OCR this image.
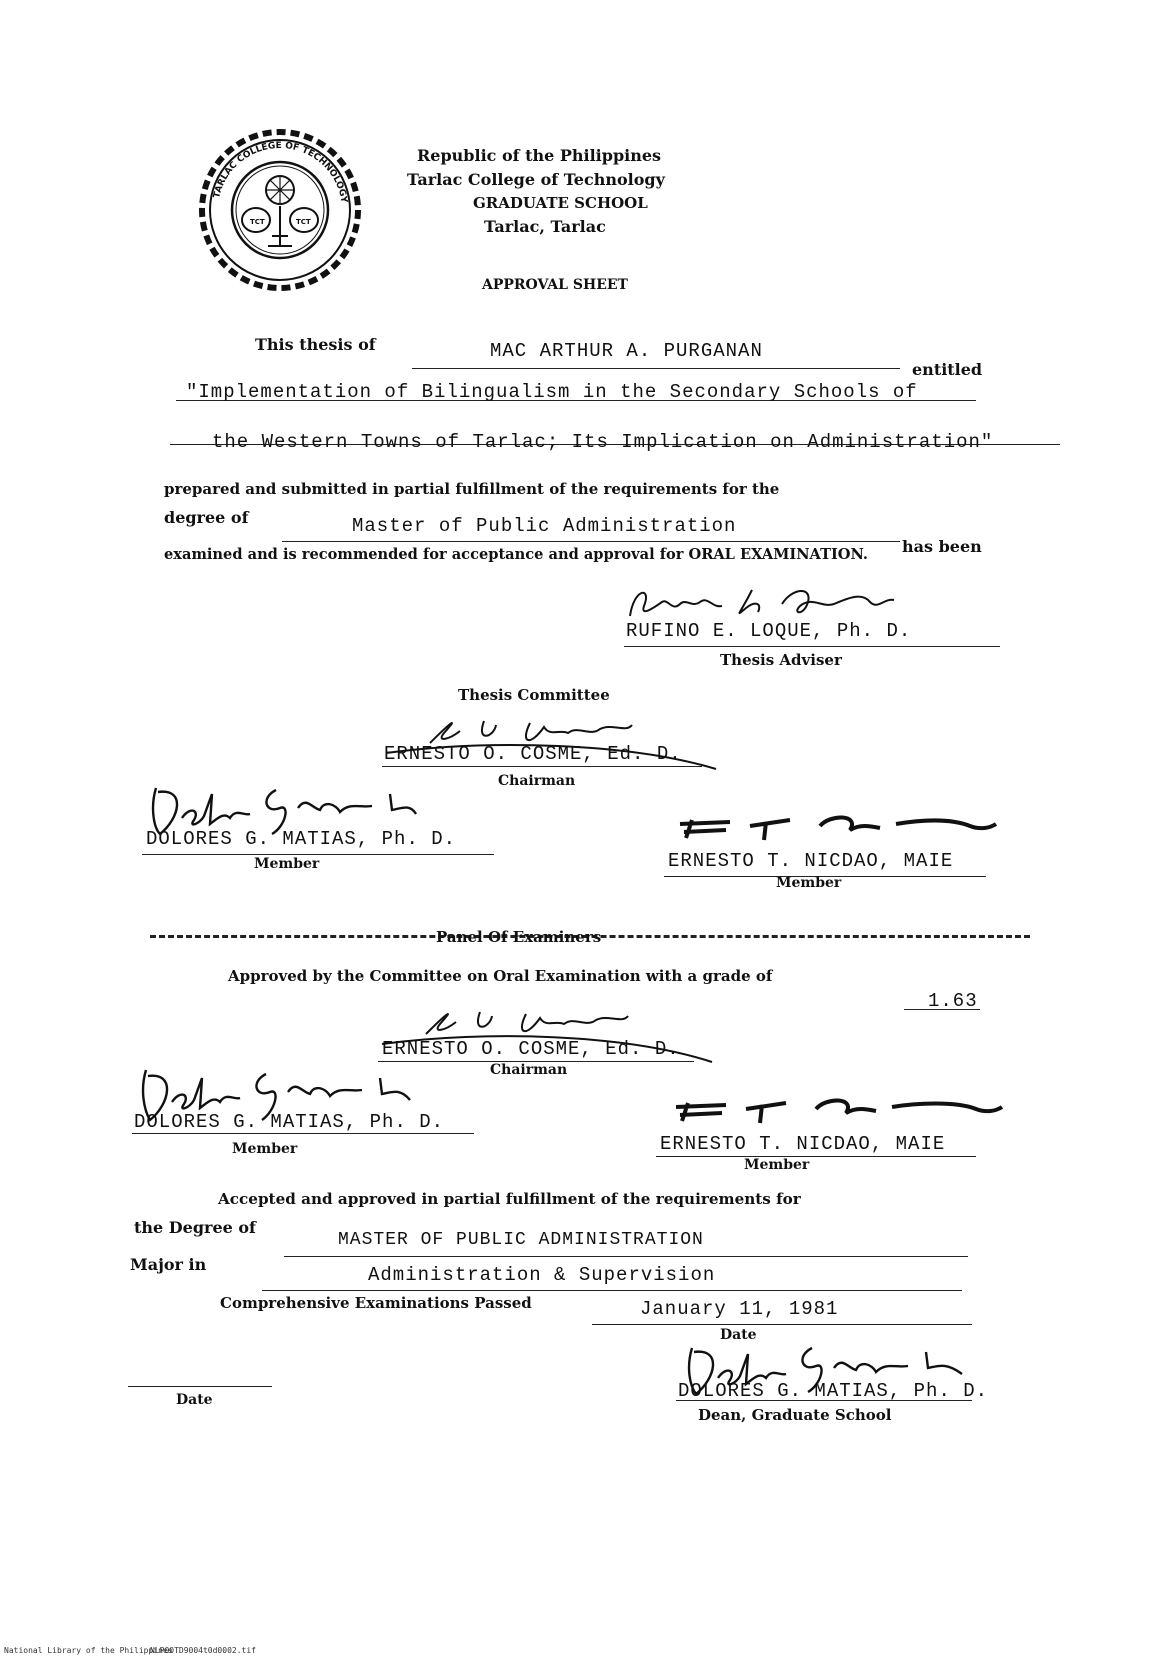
TARLAC COLLEGE OF TECHNOLOGY
TCT	TCT
Republic of the Philippines
Tarlac College of Technology
GRADUATE SCHOOL
Tarlac, Tarlac
APPROVAL SHEET
This thesis of	MAC ARTHUR A. PURGANAN
entitled
"Implementation of Bilingualism in the Secondary Schools of
the Western Towns of Tarlac; Its Implication on Administration"
prepared and submitted in partial fulfillment of the requirements for the
degree of	Master of Public Administration
has been
examined and is recommended for acceptance and approval for ORAL EXAMINATION.
RUFINO E. LOQUE, Ph. D.
Thesis Adviser
Thesis Committee
ERNESTO O. COSME, Ed. D.
Chairman
DOLORES G. MATIAS, Ph. D.
Member	ERNESTO T. NICDAO, MAIE
Member
Panel Of Examiners
Approved by the Committee on Oral Examination with a grade of
1.63
ERNESTO O. COSME, Ed. D.
Chairman
DOLORES G. MATIAS, Ph. D.
Member	ERNESTO T. NICDAO, MAIE
Member
Accepted and approved in partial fulfillment of the requirements for
the Degree of
MASTER OF PUBLIC ADMINISTRATION
Major in	Administration & Supervision
Comprehensive Examinations Passed	January 11, 1981
Date
Date	DOLORES G. MATIAS, Ph. D.
Dean, Graduate School
National Library of the Philippines
NLP00TD9004t0d0002.tif
